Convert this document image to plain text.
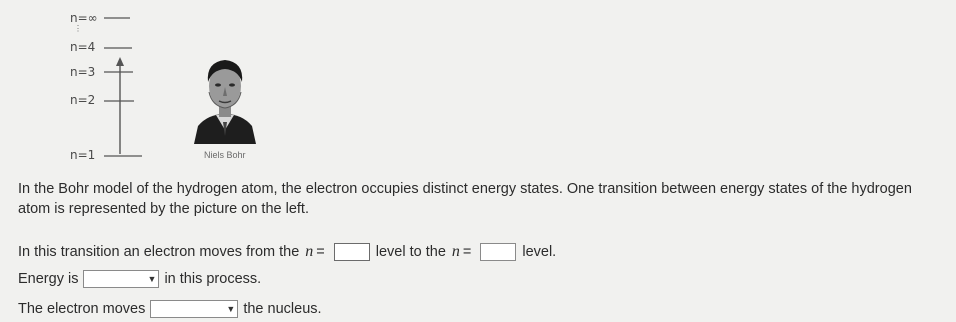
n=∞
⋮
n=4
n=3
n=2
n=1	Niels Bohr
In the Bohr model of the hydrogen atom, the electron occupies distinct energy states. One transition between energy states of the hydrogen atom is represented by the picture on the left.
In this transition an electron moves from the n =	level to the n =	level.
Energy is	▼ in this process.
The electron moves	▼ the nucleus.
